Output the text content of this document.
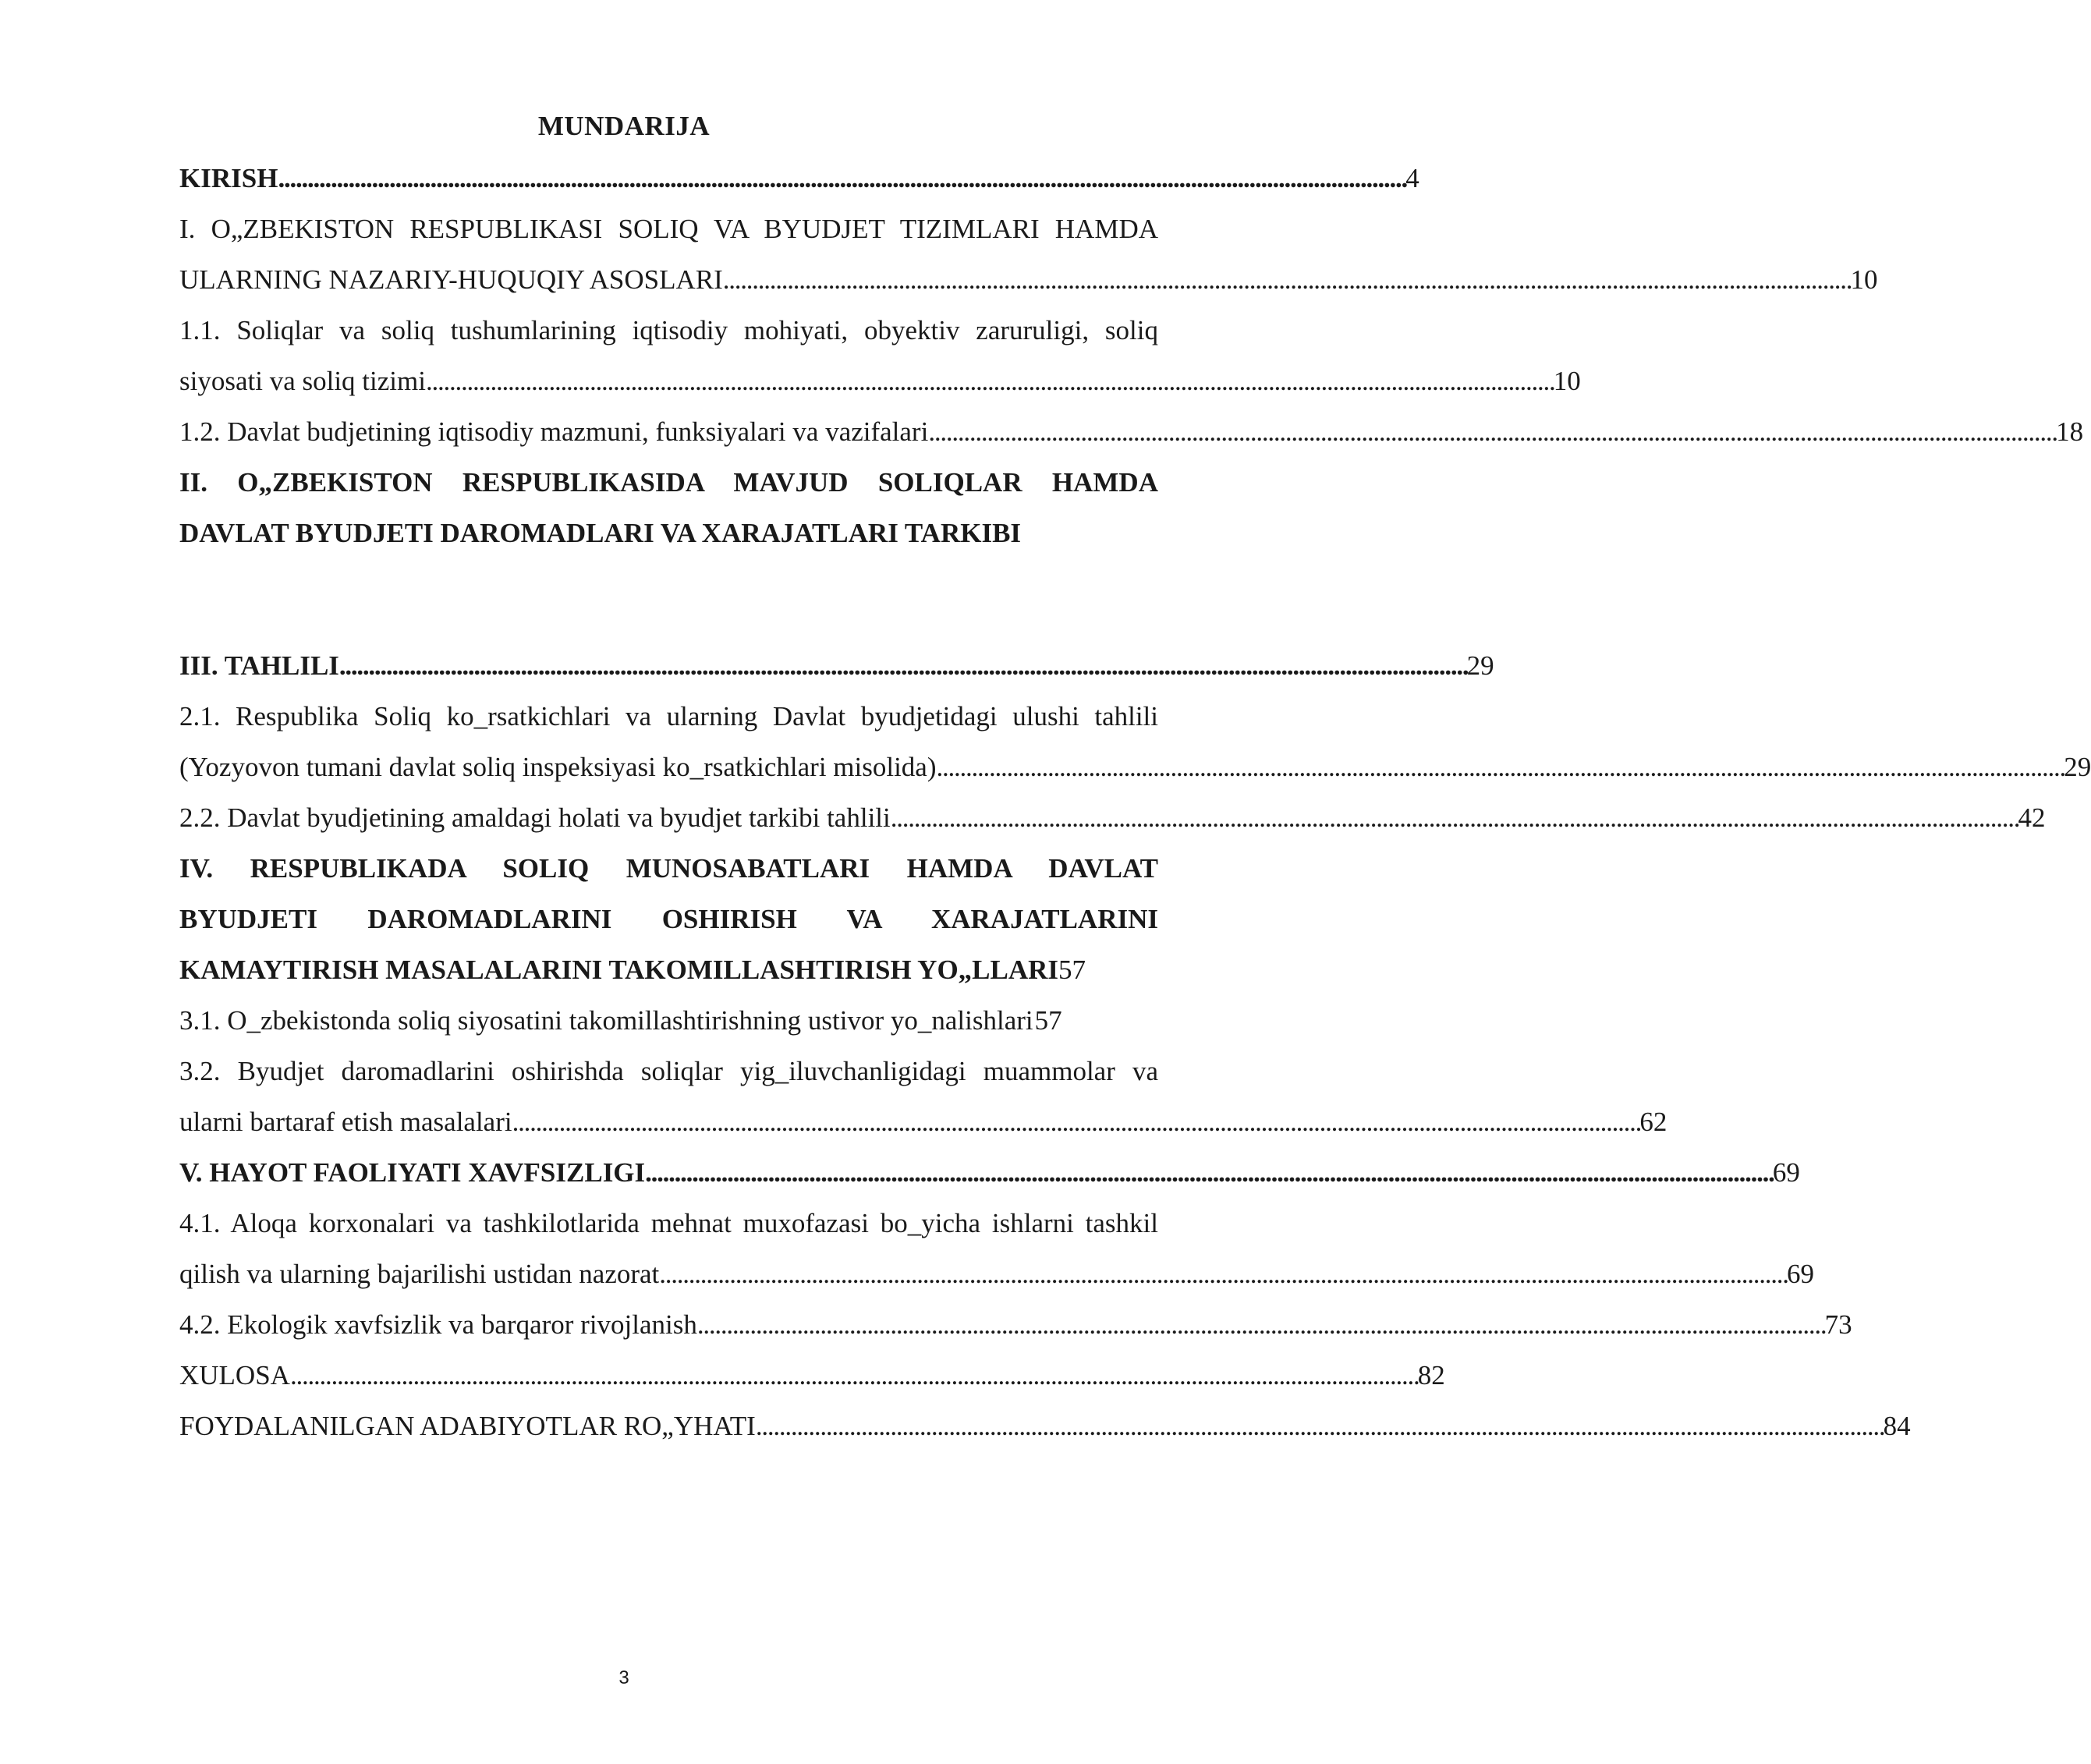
MUNDARIJA
KIRISH . . .	4
I. O„ZBEKISTON RESPUBLIKASI SOLIQ VA BYUDJET TIZIMLARI HAMDA
ULARNING NAZARIY-HUQUQIY ASOSLARI . . .	10
1.1. Soliqlar va soliq tushumlarining iqtisodiy mohiyati, obyektiv zaruruligi, soliq
siyosati va soliq tizimi . . .	10
1.2. Davlat budjetining iqtisodiy mazmuni, funksiyalari va vazifalari . . .	18
II. O„ZBEKISTON RESPUBLIKASIDA MAVJUD SOLIQLAR HAMDA
DAVLAT BYUDJETI DAROMADLARI VA XARAJATLARI TARKIBI
III. TAHLILI . . .	29
2.1. Respublika Soliq ko_rsatkichlari va ularning Davlat byudjetidagi ulushi tahlili
(Yozyovon tumani davlat soliq inspeksiyasi ko_rsatkichlari misolida) . . .	29
2.2. Davlat byudjetining amaldagi holati va byudjet tarkibi tahlili . . .	42
IV. RESPUBLIKADA SOLIQ MUNOSABATLARI HAMDA DAVLAT
BYUDJETI DAROMADLARINI OSHIRISH VA XARAJATLARINI
KAMAYTIRISH MASALALARINI TAKOMILLASHTIRISH YO„LLARI 57
3.1. O_zbekistonda soliq siyosatini takomillashtirishning ustivor yo_nalishlari 57
3.2. Byudjet daromadlarini oshirishda soliqlar yig_iluvchanligidagi muammolar va
ularni bartaraf etish masalalari . . .	62
V. HAYOT FAOLIYATI XAVFSIZLIGI . . .	69
4.1. Aloqa korxonalari va tashkilotlarida mehnat muxofazasi bo_yicha ishlarni tashkil
qilish va ularning bajarilishi ustidan nazorat . . .	69
4.2. Ekologik xavfsizlik va barqaror rivojlanish . . .	73
XULOSA . . .	82
FOYDALANILGAN ADABIYOTLAR RO„YHATI . . .	84
3
